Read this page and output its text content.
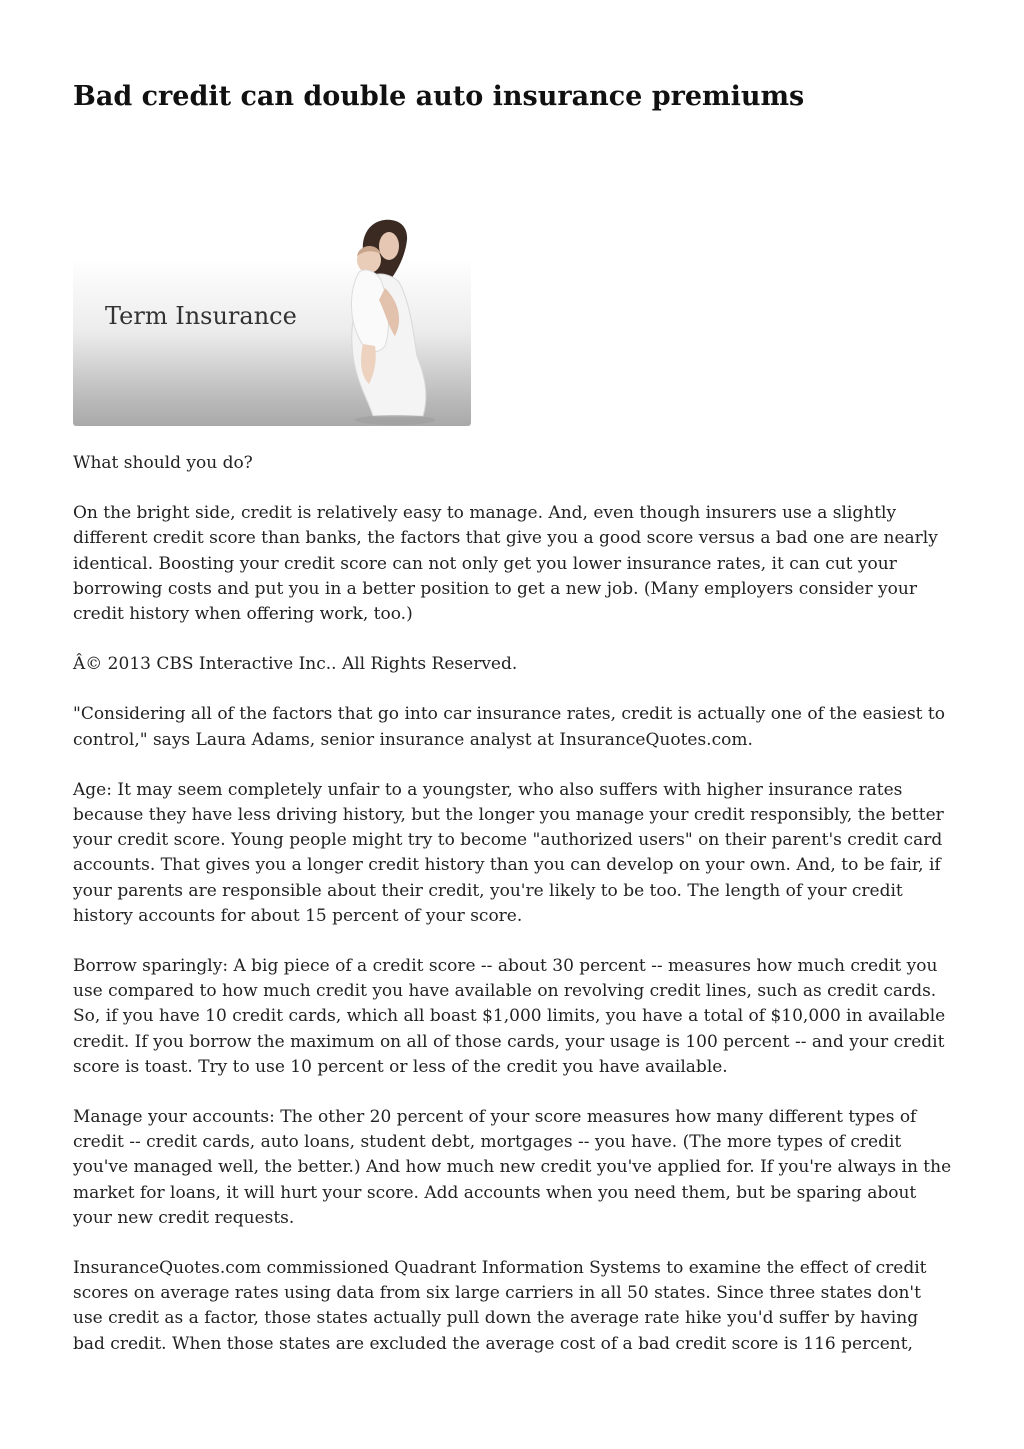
Bad credit can double auto insurance premiums
Term Insurance

What should you do?

On the bright side, credit is relatively easy to manage. And, even though insurers use a slightly different credit score than banks, the factors that give you a good score versus a bad one are nearly identical. Boosting your credit score can not only get you lower insurance rates, it can cut your borrowing costs and put you in a better position to get a new job. (Many employers consider your credit history when offering work, too.)

Â© 2013 CBS Interactive Inc.. All Rights Reserved.

"Considering all of the factors that go into car insurance rates, credit is actually one of the easiest to control," says Laura Adams, senior insurance analyst at InsuranceQuotes.com.

Age: It may seem completely unfair to a youngster, who also suffers with higher insurance rates because they have less driving history, but the longer you manage your credit responsibly, the better your credit score. Young people might try to become "authorized users" on their parent's credit card accounts. That gives you a longer credit history than you can develop on your own. And, to be fair, if your parents are responsible about their credit, you're likely to be too. The length of your credit history accounts for about 15 percent of your score.

Borrow sparingly: A big piece of a credit score -- about 30 percent -- measures how much credit you use compared to how much credit you have available on revolving credit lines, such as credit cards. So, if you have 10 credit cards, which all boast $1,000 limits, you have a total of $10,000 in available credit. If you borrow the maximum on all of those cards, your usage is 100 percent -- and your credit score is toast. Try to use 10 percent or less of the credit you have available.

Manage your accounts: The other 20 percent of your score measures how many different types of credit -- credit cards, auto loans, student debt, mortgages -- you have. (The more types of credit you've managed well, the better.) And how much new credit you've applied for. If you're always in the market for loans, it will hurt your score. Add accounts when you need them, but be sparing about your new credit requests.

InsuranceQuotes.com commissioned Quadrant Information Systems to examine the effect of credit scores on average rates using data from six large carriers in all 50 states. Since three states don't use credit as a factor, those states actually pull down the average rate hike you'd suffer by having bad credit. When those states are excluded the average cost of a bad credit score is 116 percent,
